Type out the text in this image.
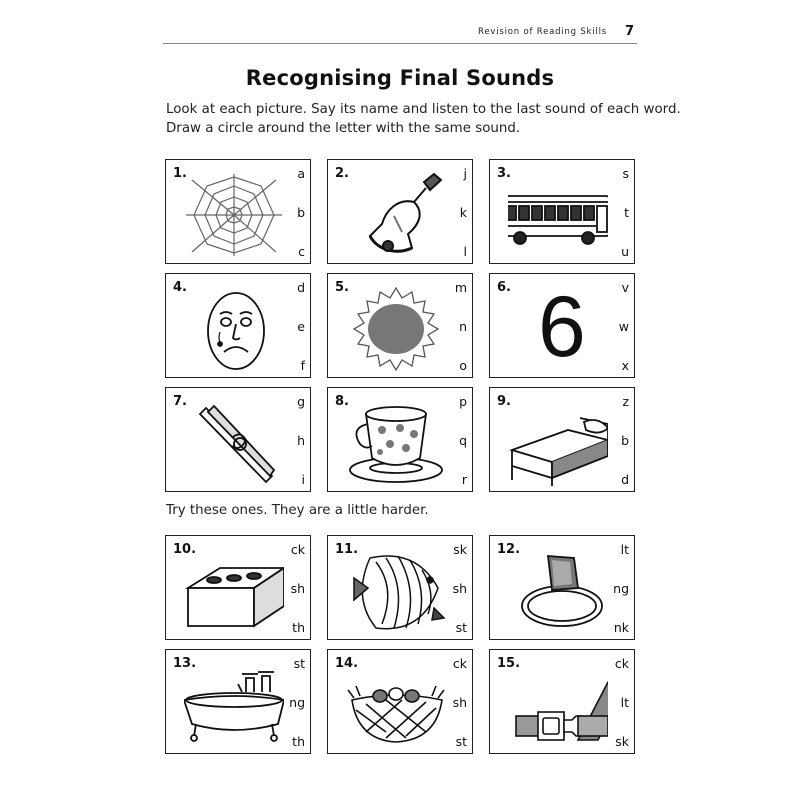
Revision of Reading Skills 7
Recognising Final Sounds
Look at each picture. Say its name and listen to the last sound of each word.
Draw a circle around the letter with the same sound.
Try these ones. They are a little harder.
1.	a
b
c
2.	j
k
l
3.	s
t
u
4.	d
e
f
5.	m
n
o
6. 6	v
w
x
7.	g
h
i
8.	p
q
r
9.	z
b
d
10.	ck
sh
th
11.	sk
sh
st
12.	lt
ng
nk
13.	st
ng
th
14.	ck
sh
st
15.	ck
lt
sk
